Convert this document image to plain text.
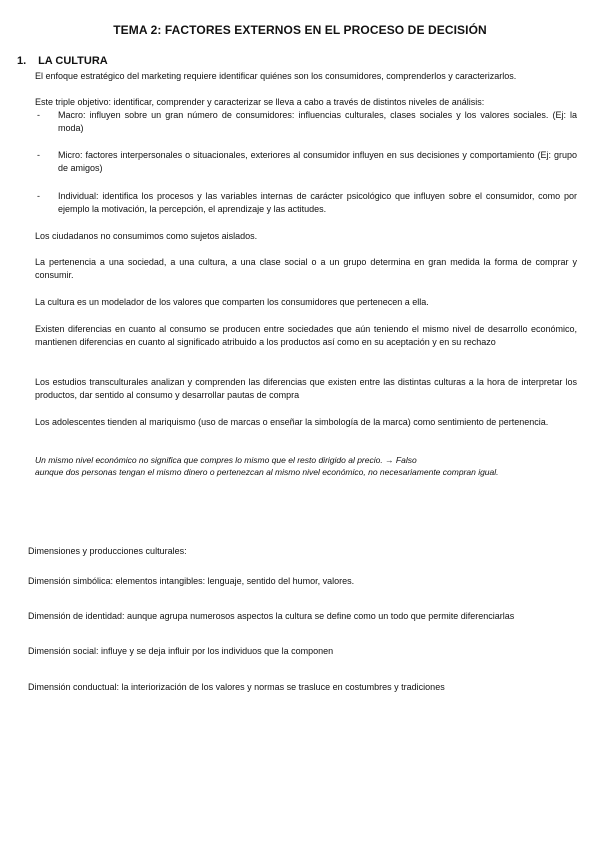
TEMA 2: FACTORES EXTERNOS EN EL PROCESO DE DECISIÓN
1. LA CULTURA
El enfoque estratégico del marketing requiere identificar quiénes son los consumidores, comprenderlos y caracterizarlos.
Este triple objetivo: identificar, comprender y caracterizar se lleva a cabo a través de distintos niveles de análisis:
- Macro: influyen sobre un gran número de consumidores: influencias culturales, clases sociales y los valores sociales. (Ej: la moda)
- Micro: factores interpersonales o situacionales, exteriores al consumidor influyen en sus decisiones y comportamiento (Ej: grupo de amigos)
- Individual: identifica los procesos y las variables internas de carácter psicológico que influyen sobre el consumidor, como por ejemplo la motivación, la percepción, el aprendizaje y las actitudes.
Los ciudadanos no consumimos como sujetos aislados.
La pertenencia a una sociedad, a una cultura, a una clase social o a un grupo determina en gran medida la forma de comprar y consumir.
La cultura es un modelador de los valores que comparten los consumidores que pertenecen a ella.
Existen diferencias en cuanto al consumo se producen entre sociedades que aún teniendo el mismo nivel de desarrollo económico, mantienen diferencias en cuanto al significado atribuido a los productos así como en su aceptación y en su rechazo
Los estudios transculturales analizan y comprenden las diferencias que existen entre las distintas culturas a la hora de interpretar los productos, dar sentido al consumo y desarrollar pautas de compra
Los adolescentes tienden al mariquismo (uso de marcas o enseñar la simbología de la marca) como sentimiento de pertenencia.
Un mismo nivel económico no significa que compres lo mismo que el resto dirigido al precio. → Falso
aunque dos personas tengan el mismo dinero o pertenezcan al mismo nivel económico, no necesariamente compran igual.
Dimensiones y producciones culturales:
Dimensión simbólica: elementos intangibles: lenguaje, sentido del humor, valores.
Dimensión de identidad: aunque agrupa numerosos aspectos la cultura se define como un todo que permite diferenciarlas
Dimensión social: influye y se deja influir por los individuos que la componen
Dimensión conductual: la interiorización de los valores y normas se trasluce en costumbres y tradiciones
